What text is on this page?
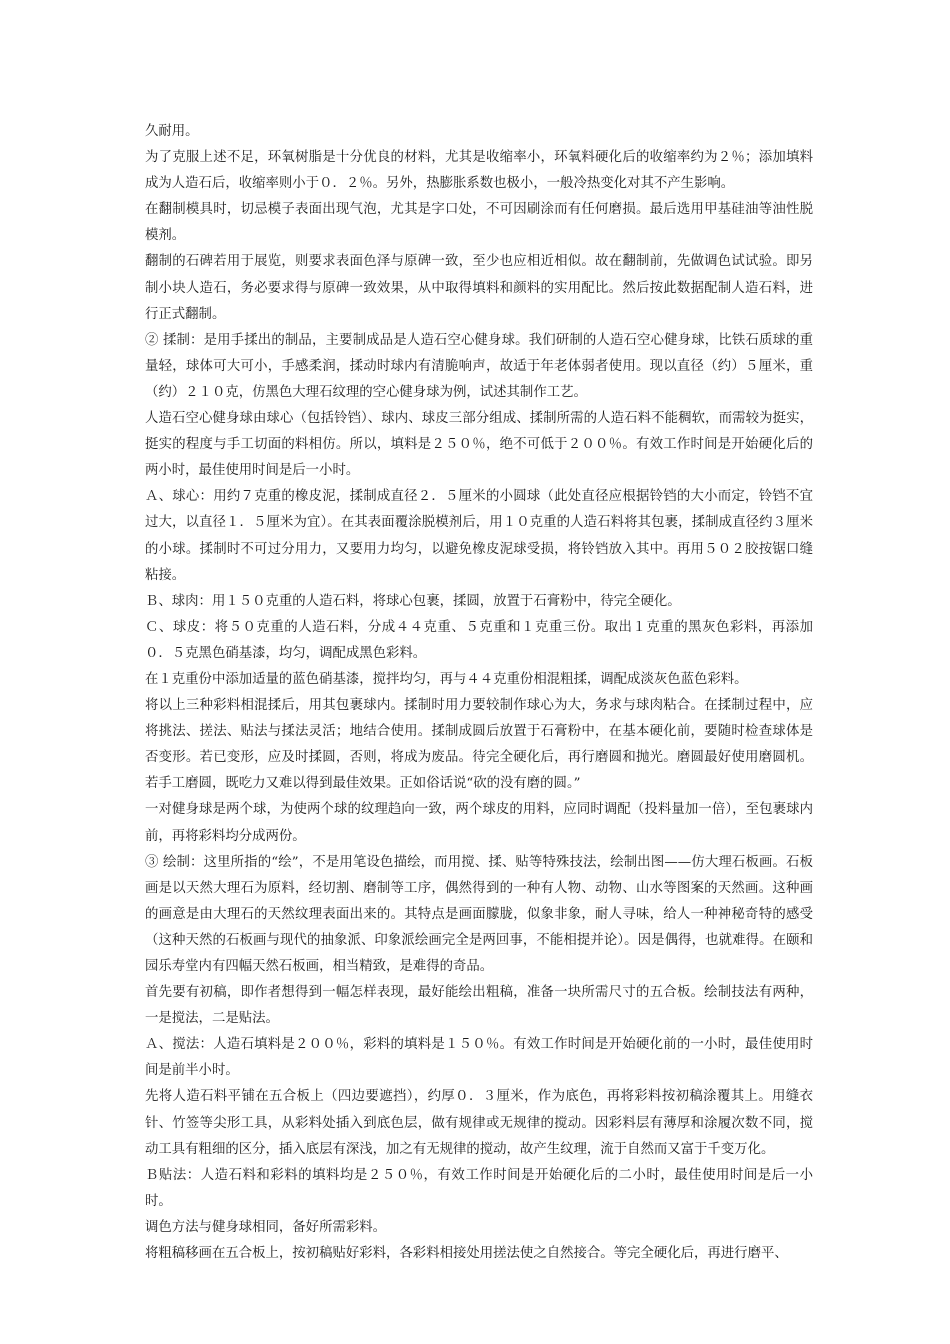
久耐用。

为了克服上述不足，环氧树脂是十分优良的材料，尤其是收缩率小，环氧料硬化后的收缩率约为２％；添加填料成为人造石后，收缩率则小于０．２％。另外，热膨胀系数也极小，一般冷热变化对其不产生影响。

在翻制模具时，切忌模子表面出现气泡，尤其是字口处，不可因刷涂而有任何磨损。最后选用甲基硅油等油性脱模剂。

翻制的石碑若用于展览，则要求表面色泽与原碑一致，至少也应相近相似。故在翻制前，先做调色试试验。即另制小块人造石，务必要求得与原碑一致效果，从中取得填料和颜料的实用配比。然后按此数据配制人造石料，进行正式翻制。

② 揉制：是用手揉出的制品，主要制成品是人造石空心健身球。我们研制的人造石空心健身球，比铁石质球的重量轻，球体可大可小，手感柔润，揉动时球内有清脆响声，故适于年老体弱者使用。现以直径（约）５厘米，重（约）２１０克，仿黑色大理石纹理的空心健身球为例，试述其制作工艺。

人造石空心健身球由球心（包括铃铛）、球内、球皮三部分组成、揉制所需的人造石料不能稠软，而需较为挺实，挺实的程度与手工切面的料相仿。所以，填料是２５０％，绝不可低于２００％。有效工作时间是开始硬化后的两小时，最佳使用时间是后一小时。

Ａ、球心：用约７克重的橡皮泥，揉制成直径２．５厘米的小圆球（此处直径应根据铃铛的大小而定，铃铛不宜过大，以直径１．５厘米为宜）。在其表面覆涂脱模剂后，用１０克重的人造石料将其包裹，揉制成直径约３厘米的小球。揉制时不可过分用力，又要用力均匀，以避免橡皮泥球受损，将铃铛放入其中。再用５０２胶按锯口缝粘接。

Ｂ、球肉：用１５０克重的人造石料，将球心包裹，揉圆，放置于石膏粉中，待完全硬化。

Ｃ、球皮：将５０克重的人造石料，分成４４克重、５克重和１克重三份。取出１克重的黑灰色彩料，再添加０．５克黑色硝基漆，均匀，调配成黑色彩料。

在１克重份中添加适量的蓝色硝基漆，搅拌均匀，再与４４克重份相混粗揉，调配成淡灰色蓝色彩料。

将以上三种彩料相混揉后，用其包裹球内。揉制时用力要较制作球心为大，务求与球肉粘合。在揉制过程中，应将挑法、搓法、贴法与揉法灵活；地结合使用。揉制成圆后放置于石膏粉中，在基本硬化前，要随时检查球体是否变形。若已变形，应及时揉圆，否则，将成为废品。待完全硬化后，再行磨圆和抛光。磨圆最好使用磨圆机。若手工磨圆，既吃力又难以得到最佳效果。正如俗话说“砍的没有磨的圆。”

一对健身球是两个球，为使两个球的纹理趋向一致，两个球皮的用料，应同时调配（投料量加一倍），至包裹球内前，再将彩料均分成两份。

③ 绘制：这里所指的“绘”，不是用笔设色描绘，而用搅、揉、贴等特殊技法，绘制出图——仿大理石板画。石板画是以天然大理石为原料，经切割、磨制等工序，偶然得到的一种有人物、动物、山水等图案的天然画。这种画的画意是由大理石的天然纹理表面出来的。其特点是画面朦胧，似象非象，耐人寻味，给人一种神秘奇特的感受（这种天然的石板画与现代的抽象派、印象派绘画完全是两回事，不能相提并论）。因是偶得，也就难得。在颐和园乐寿堂内有四幅天然石板画，相当精致，是难得的奇品。

首先要有初稿，即作者想得到一幅怎样表现，最好能绘出粗稿，准备一块所需尺寸的五合板。绘制技法有两种，一是搅法，二是贴法。

Ａ、搅法：人造石填料是２００％，彩料的填料是１５０％。有效工作时间是开始硬化前的一小时，最佳使用时间是前半小时。

先将人造石料平铺在五合板上（四边要遮挡），约厚０．３厘米，作为底色，再将彩料按初稿涂覆其上。用缝衣针、竹签等尖形工具，从彩料处插入到底色层，做有规律或无规律的搅动。因彩料层有薄厚和涂履次数不同，搅动工具有粗细的区分，插入底层有深浅，加之有无规律的搅动，故产生纹理，流于自然而又富于千变万化。

Ｂ贴法：人造石料和彩料的填料均是２５０％，有效工作时间是开始硬化后的二小时，最佳使用时间是后一小时。

调色方法与健身球相同，备好所需彩料。

将粗稿移画在五合板上，按初稿贴好彩料，各彩料相接处用搓法使之自然接合。等完全硬化后，再进行磨平、
